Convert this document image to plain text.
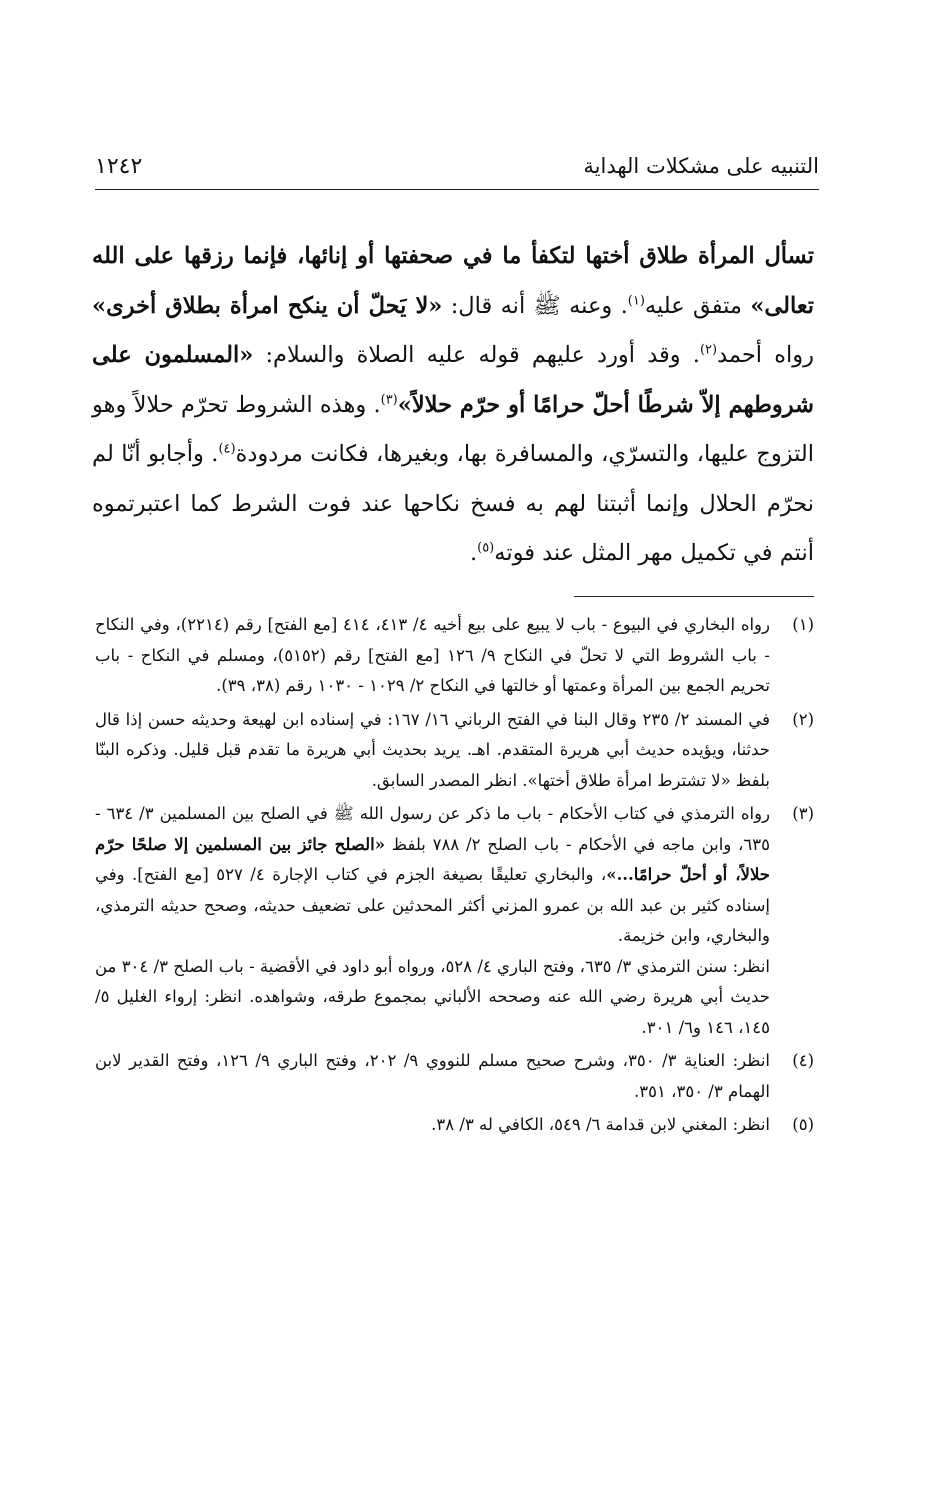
التنبيه على مشكلات الهداية
١٢٤٢

تسأل المرأة طلاق أختها لتكفأ ما في صحفتها أو إنائها، فإنما رزقها على الله تعالى» متفق عليه$^{(١)}$. وعنه ﷺ أنه قال: «لا يَحلّ أن ينكح امرأة بطلاق أخرى» رواه أحمد$^{(٢)}$. وقد أورد عليهم قوله عليه الصلاة والسلام: «المسلمون على شروطهم إلاّ شرطًا أحلّ حرامًا أو حرّم حلالاً»$^{(٣)}$. وهذه الشروط تحرّم حلالاً وهو التزوج عليها، والتسرّي، والمسافرة بها، وبغيرها، فكانت مردودة$^{(٤)}$. وأجابو أنّا لم نحرّم الحلال وإنما أثبتنا لهم به فسخ نكاحها عند فوت الشرط كما اعتبرتموه أنتم في تكميل مهر المثل عند فوته$^{(٥)}$.

(١)
رواه البخاري في البيوع - باب لا يبيع على بيع أخيه ٤/ ٤١٣، ٤١٤ [مع الفتح] رقم (٢٢١٤)، وفي النكاح - باب الشروط التي لا تحلّ في النكاح ٩/ ١٢٦ [مع الفتح] رقم (٥١٥٢)، ومسلم في النكاح - باب تحريم الجمع بين المرأة وعمتها أو خالتها في النكاح ٢/ ١٠٢٩ - ١٠٣٠ رقم (٣٨، ٣٩).
(٢)
في المسند ٢/ ٢٣٥ وقال البنا في الفتح الرباني ١٦/ ١٦٧: في إسناده ابن لهيعة وحديثه حسن إذا قال حدثنا، ويؤيده حديث أبي هريرة المتقدم. اهـ. يريد بحديث أبي هريرة ما تقدم قبل قليل. وذكره البنّا بلفظ «لا تشترط امرأة طلاق أختها». انظر المصدر السابق.
(٣)

رواه الترمذي في كتاب الأحكام - باب ما ذكر عن رسول الله ﷺ في الصلح بين المسلمين ٣/ ٦٣٤ - ٦٣٥، وابن ماجه في الأحكام - باب الصلح ٢/ ٧٨٨ بلفظ «الصلح جائز بين المسلمين إلا صلحًا حرّم حلالاً، أو أحلّ حرامًا...»، والبخاري تعليقًا بصيغة الجزم في كتاب الإجارة ٤/ ٥٢٧ [مع الفتح]. وفي إسناده كثير بن عبد الله بن عمرو المزني أكثر المحدثين على تضعيف حديثه، وصحح حديثه الترمذي، والبخاري، وابن خزيمة.

انظر: سنن الترمذي ٣/ ٦٣٥، وفتح الباري ٤/ ٥٢٨، ورواه أبو داود في الأقضية - باب الصلح ٣/ ٣٠٤ من حديث أبي هريرة رضي الله عنه وصححه الألباني بمجموع طرقه، وشواهده. انظر: إرواء الغليل ٥/ ١٤٥، ١٤٦ و٦/ ٣٠١.

(٤)
انظر: العناية ٣/ ٣٥٠، وشرح صحيح مسلم للنووي ٩/ ٢٠٢، وفتح الباري ٩/ ١٢٦، وفتح القدير لابن الهمام ٣/ ٣٥٠، ٣٥١.
(٥)
انظر: المغني لابن قدامة ٦/ ٥٤٩، الكافي له ٣/ ٣٨.
